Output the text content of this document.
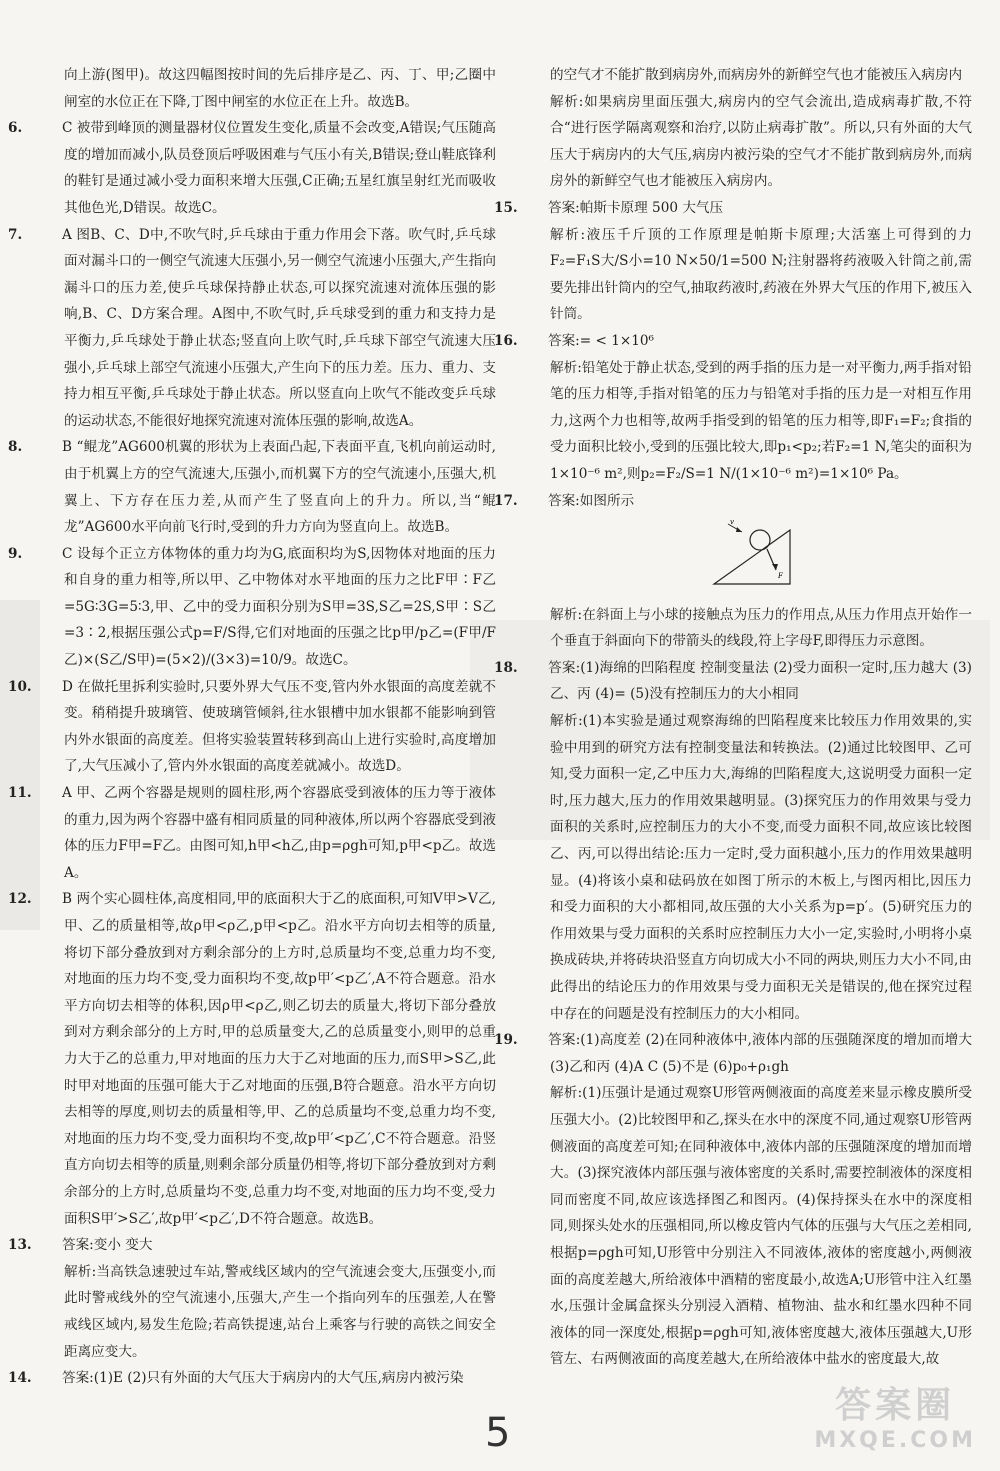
向上游(图甲)。故这四幅图按时间的先后排序是乙、丙、丁、甲;乙圈中闸室的水位正在下降,丁图中闸室的水位正在上升。故选B。

6.	C 被带到峰顶的测量器材仪位置发生变化,质量不会改变,A错误;气压随高度的增加而减小,队员登顶后呼吸困难与气压小有关,B错误;登山鞋底锋利的鞋钉是通过减小受力面积来增大压强,C正确;五星红旗呈射红光而吸收其他色光,D错误。故选C。

7.	A 图B、C、D中,不吹气时,乒乓球由于重力作用会下落。吹气时,乒乓球面对漏斗口的一侧空气流速大压强小,另一侧空气流速小压强大,产生指向漏斗口的压力差,使乒乓球保持静止状态,可以探究流速对流体压强的影响,B、C、D方案合理。A图中,不吹气时,乒乓球受到的重力和支持力是平衡力,乒乓球处于静止状态;竖直向上吹气时,乒乓球下部空气流速大压强小,乒乓球上部空气流速小压强大,产生向下的压力差。压力、重力、支持力相互平衡,乒乓球处于静止状态。所以竖直向上吹气不能改变乒乓球的运动状态,不能很好地探究流速对流体压强的影响,故选A。

8.	B “鲲龙”AG600机翼的形状为上表面凸起,下表面平直,飞机向前运动时,由于机翼上方的空气流速大,压强小,而机翼下方的空气流速小,压强大,机翼上、下方存在压力差,从而产生了竖直向上的升力。所以,当“鲲龙”AG600水平向前飞行时,受到的升力方向为竖直向上。故选B。

9.	C 设每个正立方体物体的重力均为G,底面积均为S,因物体对地面的压力和自身的重力相等,所以甲、乙中物体对水平地面的压力之比F甲∶F乙=5G∶3G=5∶3,甲、乙中的受力面积分别为S甲=3S,S乙=2S,S甲∶S乙=3∶2,根据压强公式p=F/S得,它们对地面的压强之比p甲/p乙=(F甲/F乙)×(S乙/S甲)=(5×2)/(3×3)=10/9。故选C。

10. D 在做托里拆利实验时,只要外界大气压不变,管内外水银面的高度差就不变。稍稍提升玻璃管、使玻璃管倾斜,往水银槽中加水银都不能影响到管内外水银面的高度差。但将实验装置转移到高山上进行实验时,高度增加了,大气压减小了,管内外水银面的高度差就减小。故选D。

11. A 甲、乙两个容器是规则的圆柱形,两个容器底受到液体的压力等于液体的重力,因为两个容器中盛有相同质量的同种液体,所以两个容器底受到液体的压力F甲=F乙。由图可知,h甲<h乙,由p=ρgh可知,p甲<p乙。故选A。

12. B 两个实心圆柱体,高度相同,甲的底面积大于乙的底面积,可知V甲>V乙,甲、乙的质量相等,故ρ甲<ρ乙,p甲<p乙。沿水平方向切去相等的质量,将切下部分叠放到对方剩余部分的上方时,总质量均不变,总重力均不变,对地面的压力均不变,受力面积均不变,故p甲′<p乙′,A不符合题意。沿水平方向切去相等的体积,因ρ甲<ρ乙,则乙切去的质量大,将切下部分叠放到对方剩余部分的上方时,甲的总质量变大,乙的总质量变小,则甲的总重力大于乙的总重力,甲对地面的压力大于乙对地面的压力,而S甲>S乙,此时甲对地面的压强可能大于乙对地面的压强,B符合题意。沿水平方向切去相等的厚度,则切去的质量相等,甲、乙的总质量均不变,总重力均不变,对地面的压力均不变,受力面积均不变,故p甲′<p乙′,C不符合题意。沿竖直方向切去相等的质量,则剩余部分质量仍相等,将切下部分叠放到对方剩余部分的上方时,总质量均不变,总重力均不变,对地面的压力均不变,受力面积S甲′>S乙′,故p甲′<p乙′,D不符合题意。故选B。

13. 答案:变小 变大

解析:当高铁急速驶过车站,警戒线区域内的空气流速会变大,压强变小,而此时警戒线外的空气流速小,压强大,产生一个指向列车的压强差,人在警戒线区域内,易发生危险;若高铁提速,站台上乘客与行驶的高铁之间安全距离应变大。

14. 答案:(1)E (2)只有外面的大气压大于病房内的大气压,病房内被污染

的空气才不能扩散到病房外,而病房外的新鲜空气也才能被压入病房内

解析:如果病房里面压强大,病房内的空气会流出,造成病毒扩散,不符合“进行医学隔离观察和治疗,以防止病毒扩散”。所以,只有外面的大气压大于病房内的大气压,病房内被污染的空气才不能扩散到病房外,而病房外的新鲜空气也才能被压入病房内。

15. 答案:帕斯卡原理 500 大气压

解析:液压千斤顶的工作原理是帕斯卡原理;大活塞上可得到的力F₂=F₁S大/S小=10 N×50/1=500 N;注射器将药液吸入针筒之前,需要先排出针筒内的空气,抽取药液时,药液在外界大气压的作用下,被压入针筒。

16. 答案:= < 1×10⁶

解析:铅笔处于静止状态,受到的两手指的压力是一对平衡力,两手指对铅笔的压力相等,手指对铅笔的压力与铅笔对手指的压力是一对相互作用力,这两个力也相等,故两手指受到的铅笔的压力相等,即F₁=F₂;食指的受力面积比较小,受到的压强比较大,即p₁<p₂;若F₂=1 N,笔尖的面积为1×10⁻⁶ m²,则p₂=F₂/S=1 N/(1×10⁻⁶ m²)=1×10⁶ Pa。

17. 答案:如图所示

v
F

解析:在斜面上与小球的接触点为压力的作用点,从压力作用点开始作一个垂直于斜面向下的带箭头的线段,符上字母F,即得压力示意图。

18. 答案:(1)海绵的凹陷程度 控制变量法 (2)受力面积一定时,压力越大 (3)乙、丙 (4)= (5)没有控制压力的大小相同

解析:(1)本实验是通过观察海绵的凹陷程度来比较压力作用效果的,实验中用到的研究方法有控制变量法和转换法。(2)通过比较图甲、乙可知,受力面积一定,乙中压力大,海绵的凹陷程度大,这说明受力面积一定时,压力越大,压力的作用效果越明显。(3)探究压力的作用效果与受力面积的关系时,应控制压力的大小不变,而受力面积不同,故应该比较图乙、丙,可以得出结论:压力一定时,受力面积越小,压力的作用效果越明显。(4)将该小桌和砝码放在如图丁所示的木板上,与图丙相比,因压力和受力面积的大小都相同,故压强的大小关系为p=p′。(5)研究压力的作用效果与受力面积的关系时应控制压力大小一定,实验时,小明将小桌换成砖块,并将砖块沿竖直方向切成大小不同的两块,则压力大小不同,由此得出的结论压力的作用效果与受力面积无关是错误的,他在探究过程中存在的问题是没有控制压力的大小相同。

19. 答案:(1)高度差 (2)在同种液体中,液体内部的压强随深度的增加而增大 (3)乙和丙 (4)A C (5)不是 (6)p₀+ρ₁gh

解析:(1)压强计是通过观察U形管两侧液面的高度差来显示橡皮膜所受压强大小。(2)比较图甲和乙,探头在水中的深度不同,通过观察U形管两侧液面的高度差可知;在同种液体中,液体内部的压强随深度的增加而增大。(3)探究液体内部压强与液体密度的关系时,需要控制液体的深度相同而密度不同,故应该选择图乙和图丙。(4)保持探头在水中的深度相同,则探头处水的压强相同,所以橡皮管内气体的压强与大气压之差相同,根据p=ρgh可知,U形管中分别注入不同液体,液体的密度越小,两侧液面的高度差越大,所给液体中酒精的密度最小,故选A;U形管中注入红墨水,压强计金属盒探头分别浸入酒精、植物油、盐水和红墨水四种不同液体的同一深度处,根据p=ρgh可知,液体密度越大,液体压强越大,U形管左、右两侧液面的高度差越大,在所给液体中盐水的密度最大,故

5
答案圈
MXQE.COM
